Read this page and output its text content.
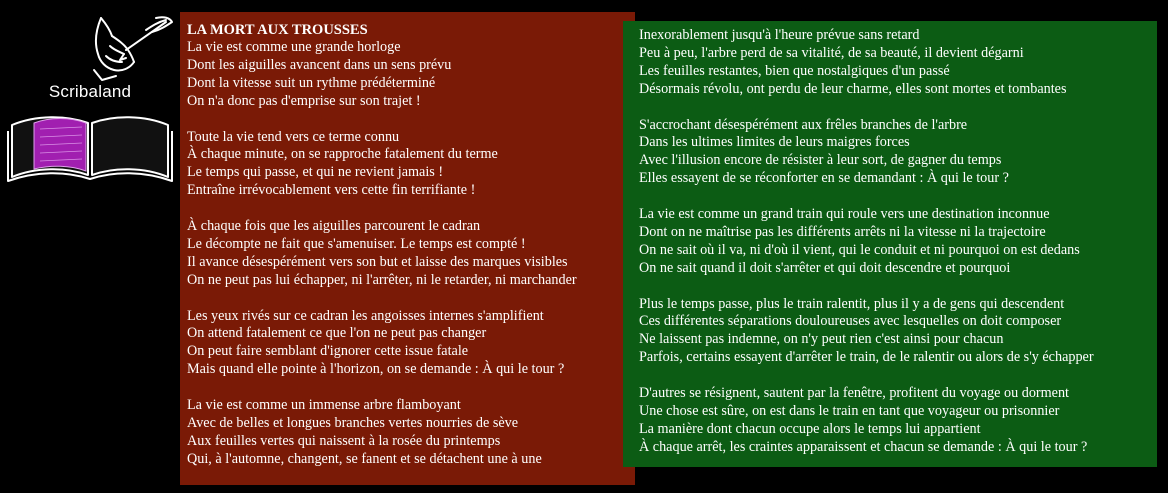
Scribaland
LA MORT AUX TROUSSES
La vie est comme une grande horloge
Dont les aiguilles avancent dans un sens prévu
Dont la vitesse suit un rythme prédéterminé
On n'a donc pas d'emprise sur son trajet !
Toute la vie tend vers ce terme connu
À chaque minute, on se rapproche fatalement du terme
Le temps qui passe, et qui ne revient jamais !
Entraîne irrévocablement vers cette fin terrifiante !
À chaque fois que les aiguilles parcourent le cadran
Le décompte ne fait que s'amenuiser. Le temps est compté !
Il avance désespérément vers son but et laisse des marques visibles
On ne peut pas lui échapper, ni l'arrêter, ni le retarder, ni marchander
Les yeux rivés sur ce cadran les angoisses internes s'amplifient
On attend fatalement ce que l'on ne peut pas changer
On peut faire semblant d'ignorer cette issue fatale
Mais quand elle pointe à l'horizon, on se demande : À qui le tour ?
La vie est comme un immense arbre flamboyant
Avec de belles et longues branches vertes nourries de sève
Aux feuilles vertes qui naissent à la rosée du printemps
Qui, à l'automne, changent, se fanent et se détachent une à une
Inexorablement jusqu'à l'heure prévue sans retard
Peu à peu, l'arbre perd de sa vitalité, de sa beauté, il devient dégarni
Les feuilles restantes, bien que nostalgiques d'un passé
Désormais révolu, ont perdu de leur charme, elles sont mortes et tombantes
S'accrochant désespérément aux frêles branches de l'arbre
Dans les ultimes limites de leurs maigres forces
Avec l'illusion encore de résister à leur sort, de gagner du temps
Elles essayent de se réconforter en se demandant : À qui le tour ?
La vie est comme un grand train qui roule vers une destination inconnue
Dont on ne maîtrise pas les différents arrêts ni la vitesse ni la trajectoire
On ne sait où il va, ni d'où il vient, qui le conduit et ni pourquoi on est dedans
On ne sait quand il doit s'arrêter et qui doit descendre et pourquoi
Plus le temps passe, plus le train ralentit, plus il y a de gens qui descendent
Ces différentes séparations douloureuses avec lesquelles on doit composer
Ne laissent pas indemne, on n'y peut rien c'est ainsi pour chacun
Parfois, certains essayent d'arrêter le train, de le ralentir ou alors de s'y échapper
D'autres se résignent, sautent par la fenêtre, profitent du voyage ou dorment
Une chose est sûre, on est dans le train en tant que voyageur ou prisonnier
La manière dont chacun occupe alors le temps lui appartient
À chaque arrêt, les craintes apparaissent et chacun se demande : À qui le tour ?
